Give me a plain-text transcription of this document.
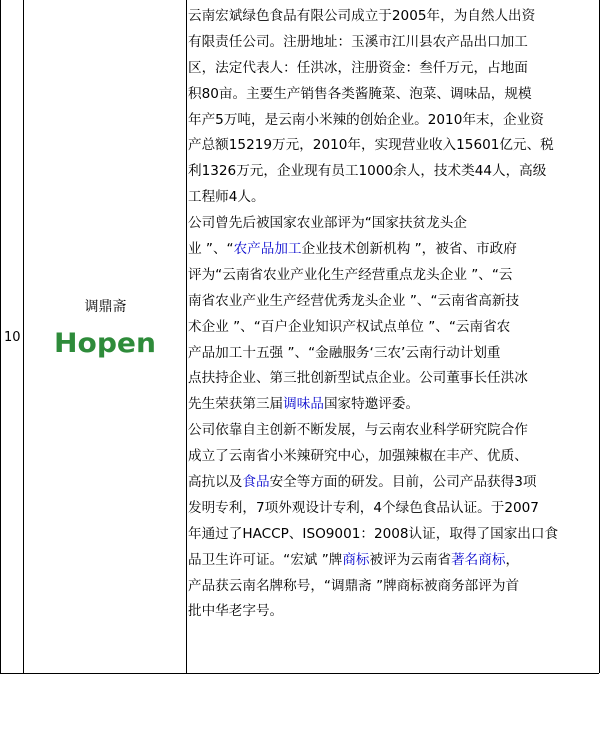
10
调鼎斋
Hopen
云南宏斌绿色食品有限公司成立于2005年，为自然人出资
有限责任公司。注册地址：玉溪市江川县农产品出口加工
区，法定代表人：任洪冰，注册资金：叁仟万元，占地面
积80亩。主要生产销售各类酱腌菜、泡菜、调味品，规模
年产5万吨，是云南小米辣的创始企业。2010年末，企业资
产总额15219万元，2010年，实现营业收入15601亿元、税
利1326万元，企业现有员工1000余人，技术类44人，高级
工程师4人。
公司曾先后被国家农业部评为“国家扶贫龙头企
业 ”、“农产品加工企业技术创新机构 ”，被省、市政府
评为“云南省农业产业化生产经营重点龙头企业 ”、“云
南省农业产业生产经营优秀龙头企业 ”、“云南省高新技
术企业 ”、“百户企业知识产权试点单位 ”、“云南省农
产品加工十五强 ”、“金融服务‘三农’云南行动计划重
点扶持企业、第三批创新型试点企业。公司董事长任洪冰
先生荣获第三届调味品国家特邀评委。
公司依靠自主创新不断发展，与云南农业科学研究院合作
成立了云南省小米辣研究中心，加强辣椒在丰产、优质、
高抗以及食品安全等方面的研发。目前，公司产品获得3项
发明专利，7项外观设计专利，4个绿色食品认证。于2007
年通过了HACCP、ISO9001：2008认证，取得了国家出口食
品卫生许可证。“宏斌 ”牌商标被评为云南省著名商标，
产品获云南名牌称号，“调鼎斋 ”牌商标被商务部评为首
批中华老字号。
